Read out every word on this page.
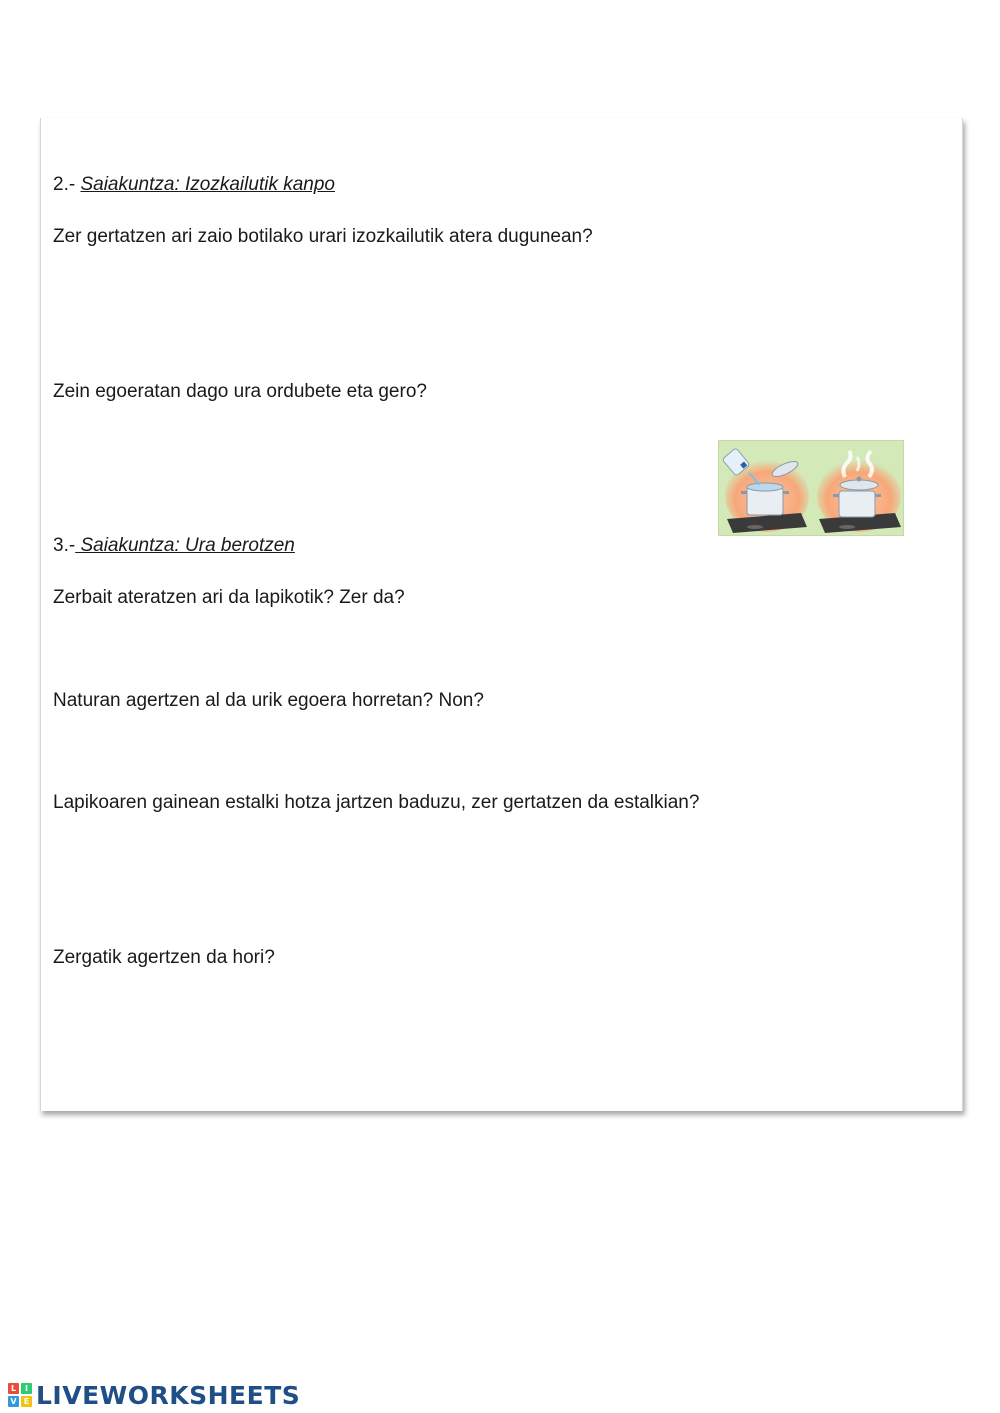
2.- Saiakuntza: Izozkailutik kanpo
Zer gertatzen ari zaio botilako urari izozkailutik atera dugunean?
Zein egoeratan dago ura ordubete eta gero?
3.- Saiakuntza: Ura berotzen
Zerbait ateratzen ari da lapikotik? Zer da?
Naturan agertzen al da urik egoera horretan? Non?
Lapikoaren gainean estalki hotza jartzen baduzu, zer gertatzen da estalkian?
Zergatik agertzen da hori?
L	I
V E LIVEWORKSHEETS
